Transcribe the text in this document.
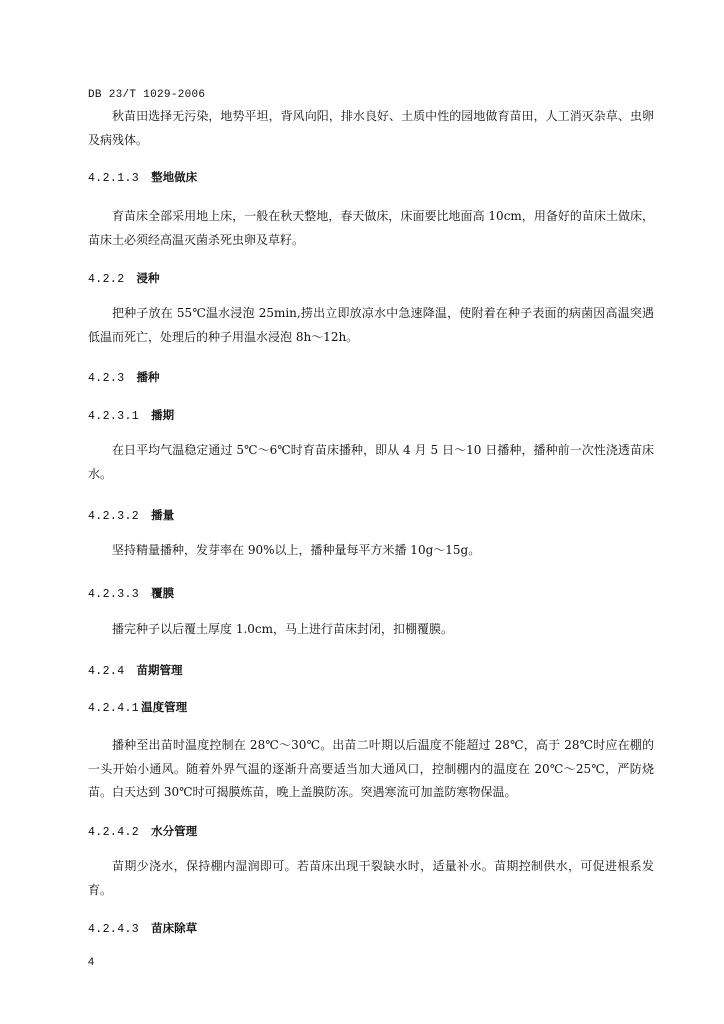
DB 23/T 1029-2006

秋苗田选择无污染，地势平坦，背风向阳，排水良好、土质中性的园地做育苗田，人工消灭杂草、虫卵及病残体。

4.2.1.3 整地做床

育苗床全部采用地上床，一般在秋天整地，春天做床，床面要比地面高 10cm，用备好的苗床土做床，苗床土必须经高温灭菌杀死虫卵及草籽。

4.2.2 浸种

把种子放在 55℃温水浸泡 25min,捞出立即放凉水中急速降温，使附着在种子表面的病菌因高温突遇低温而死亡，处理后的种子用温水浸泡 8h～12h。

4.2.3 播种
4.2.3.1 播期

在日平均气温稳定通过 5℃～6℃时育苗床播种，即从 4 月 5 日～10 日播种，播种前一次性浇透苗床水。

4.2.3.2 播量

坚持精量播种，发芽率在 90%以上，播种量每平方米播 10g～15g。

4.2.3.3 覆膜

播完种子以后覆土厚度 1.0cm，马上进行苗床封闭，扣棚覆膜。

4.2.4 苗期管理
4.2.4.1 温度管理

播种至出苗时温度控制在 28℃～30℃。出苗二叶期以后温度不能超过 28℃，高于 28℃时应在棚的一头开始小通风。随着外界气温的逐渐升高要适当加大通风口，控制棚内的温度在 20℃～25℃，严防烧苗。白天达到 30℃时可揭膜炼苗，晚上盖膜防冻。突遇寒流可加盖防寒物保温。

4.2.4.2 水分管理

苗期少浇水，保持棚内湿润即可。若苗床出现干裂缺水时，适量补水。苗期控制供水，可促进根系发育。

4.2.4.3 苗床除草
4
